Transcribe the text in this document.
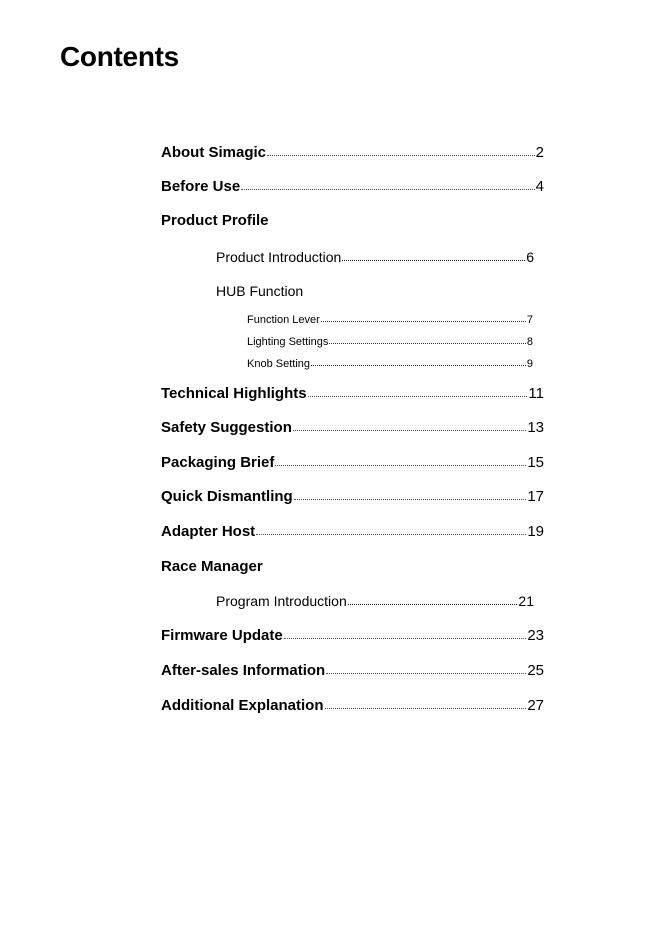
Contents
About Simagic	2
Before Use	4
Product Profile
Product Introduction	6
HUB Function
Function Lever	7
Lighting Settings	8
Knob Setting	9
Technical Highlights	11
Safety Suggestion	13
Packaging Brief	15
Quick Dismantling	17
Adapter Host	19
Race Manager
Program Introduction	21
Firmware Update	23
After-sales Information	25
Additional Explanation	27
